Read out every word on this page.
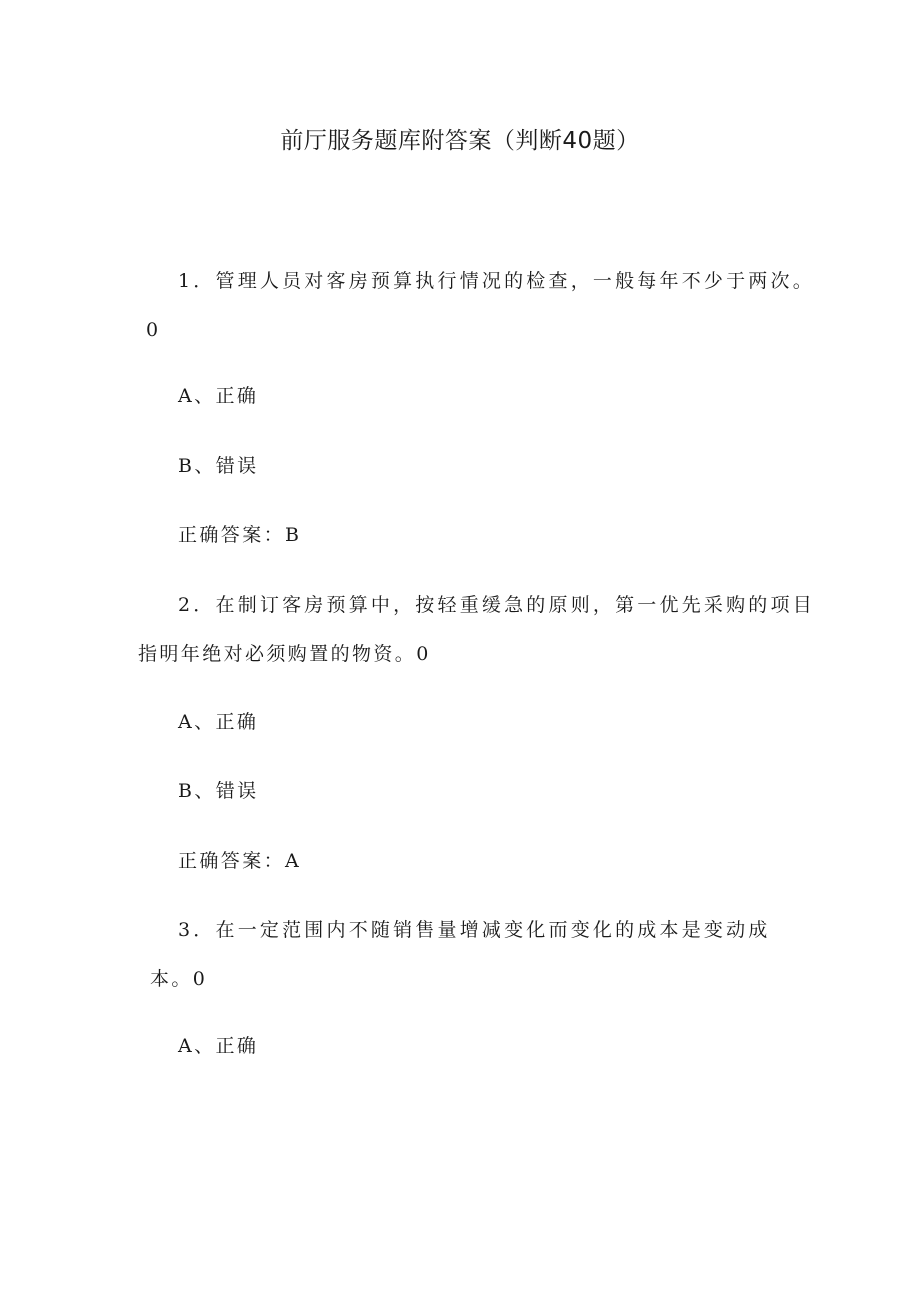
前厅服务题库附答案（判断40题）
1．管理人员对客房预算执行情况的检查，一般每年不少于两次。
0
A、正确
B、错误
正确答案：B
2．在制订客房预算中，按轻重缓急的原则，第一优先采购的项目
指明年绝对必须购置的物资。0
A、正确
B、错误
正确答案：A
3．在一定范围内不随销售量增减变化而变化的成本是变动成
本。0
A、正确
